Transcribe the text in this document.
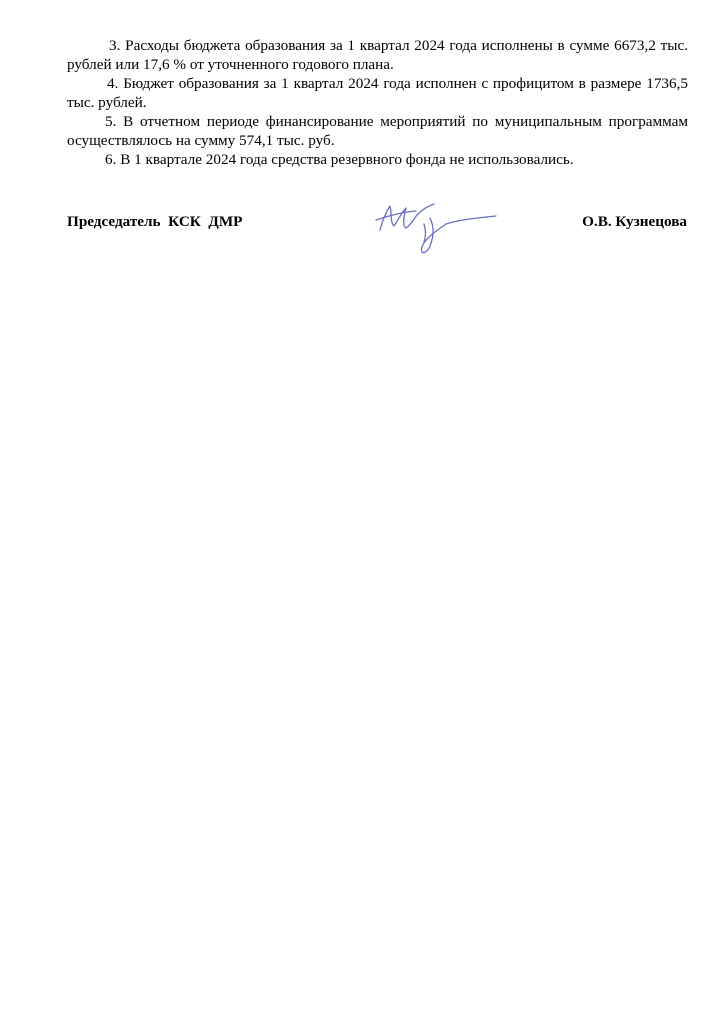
3. Расходы бюджета образования за 1 квартал 2024 года исполнены в сумме 6673,2 тыс. рублей или 17,6 % от уточненного годового плана.

4. Бюджет образования за 1 квартал 2024 года исполнен с профицитом в размере 1736,5 тыс. рублей.

5. В отчетном периоде финансирование мероприятий по муниципальным программам осуществлялось на сумму 574,1 тыс. руб.

6. В 1 квартале 2024 года средства резервного фонда не использовались.

Председатель  КСК  ДМР	О.В. Кузнецова
